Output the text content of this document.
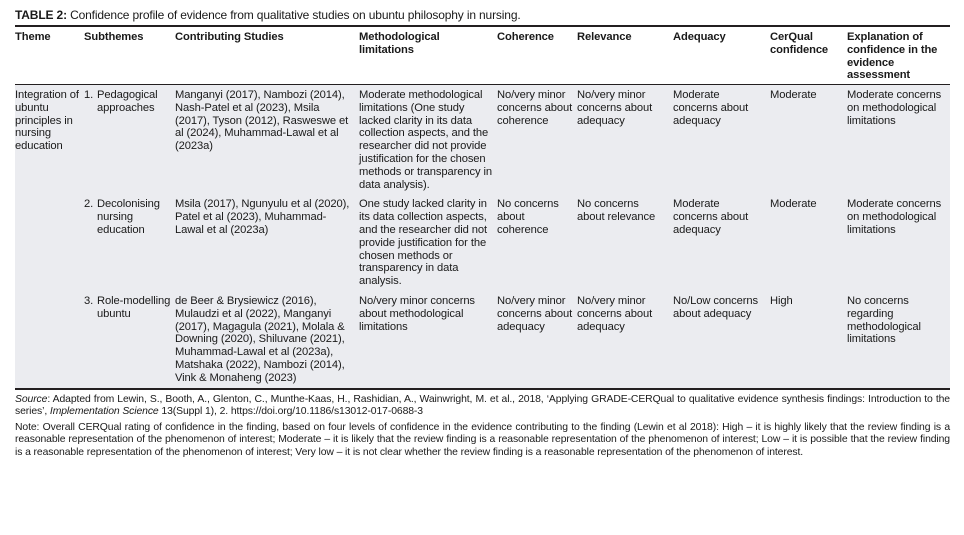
TABLE 2: Confidence profile of evidence from qualitative studies on ubuntu philosophy in nursing.
Theme	Subthemes	Contributing Studies	Methodological limitations	Coherence	Relevance	Adequacy	CerQual confidence	Explanation of confidence in the evidence assessment
Integration of ubuntu principles in nursing education	1. Pedagogical approaches	Manganyi (2017), Nambozi (2014), Nash-Patel et al (2023), Msila (2017), Tyson (2012), Rasweswe et al (2024), Muhammad-Lawal et al (2023a)	Moderate methodological limitations (One study lacked clarity in its data collection aspects, and the researcher did not provide justification for the chosen methods or transparency in data analysis).	No/very minor concerns about coherence	No/very minor concerns about adequacy	Moderate concerns about adequacy	Moderate	Moderate concerns on methodological limitations

	2. Decolonising nursing education	Msila (2017), Ngunyulu et al (2020), Patel et al (2023), Muhammad-Lawal et al (2023a)	One study lacked clarity in its data collection aspects, and the researcher did not provide justification for the chosen methods or transparency in data analysis.	No concerns about coherence	No concerns about relevance	Moderate concerns about adequacy	Moderate	Moderate concerns on methodological limitations

	3. Role-modelling ubuntu	de Beer & Brysiewicz (2016), Mulaudzi et al (2022), Manganyi (2017), Magagula (2021), Molala & Downing (2020), Shiluvane (2021), Muhammad-Lawal et al (2023a), Matshaka (2022), Nambozi (2014), Vink & Monaheng (2023)	No/very minor concerns about methodological limitations	No/very minor concerns about adequacy	No/very minor concerns about adequacy	No/Low concerns about adequacy	High	No concerns regarding methodological limitations

Source: Adapted from Lewin, S., Booth, A., Glenton, C., Munthe-Kaas, H., Rashidian, A., Wainwright, M. et al., 2018, ‘Applying GRADE-CERQual to qualitative evidence synthesis findings: Introduction to the series’, Implementation Science 13(Suppl 1), 2. https://doi.org/10.1186/s13012-017-0688-3

Note: Overall CERQual rating of confidence in the finding, based on four levels of confidence in the evidence contributing to the finding (Lewin et al 2018): High – it is highly likely that the review finding is a reasonable representation of the phenomenon of interest; Moderate – it is likely that the review finding is a reasonable representation of the phenomenon of interest; Low – it is possible that the review finding is a reasonable representation of the phenomenon of interest; Very low – it is not clear whether the review finding is a reasonable representation of the phenomenon of interest.
